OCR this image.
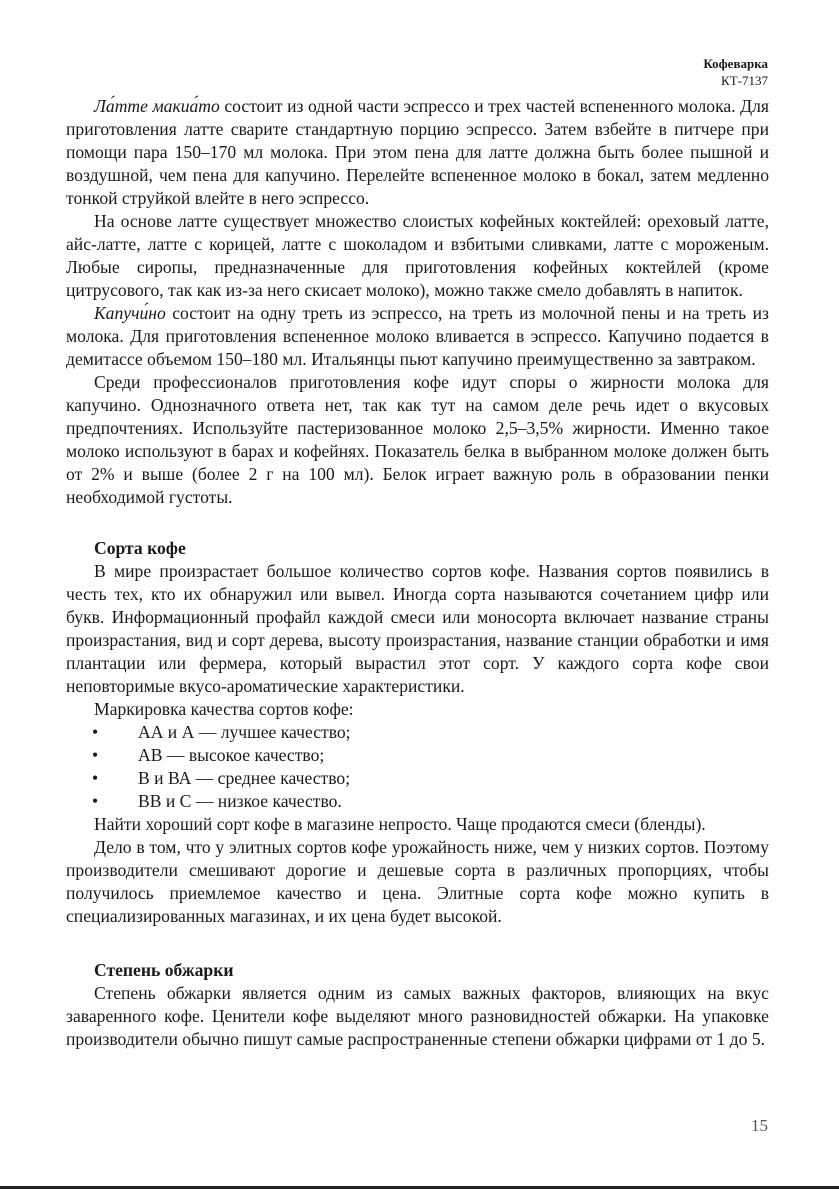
Кофеварка
КТ-7137

Ла́тте макиа́то состоит из одной части эспрессо и трех частей вспененного молока. Для приготовления латте сварите стандартную порцию эспрессо. Затем взбейте в питчере при помощи пара 150–170 мл молока. При этом пена для латте должна быть более пышной и воздушной, чем пена для капучино. Перелейте вспененное молоко в бокал, затем медленно тонкой струйкой влейте в него эспрессо.

На основе латте существует множество слоистых кофейных коктейлей: ореховый латте, айс-латте, латте с корицей, латте с шоколадом и взбитыми сливками, латте с мороженым. Любые сиропы, предназначенные для приготовления кофейных коктейлей (кроме цитрусового, так как из-за него скисает молоко), можно также смело добавлять в напиток.

Капучи́но состоит на одну треть из эспрессо, на треть из молочной пены и на треть из молока. Для приготовления вспененное молоко вливается в эспрессо. Капучино подается в демитассе объемом 150–180 мл. Итальянцы пьют капучино преимущественно за завтраком.

Среди профессионалов приготовления кофе идут споры о жирности молока для капучино. Однозначного ответа нет, так как тут на самом деле речь идет о вкусовых предпочтениях. Используйте пастеризованное молоко 2,5–3,5% жирности. Именно такое молоко используют в барах и кофейнях. Показатель белка в выбранном молоке должен быть от 2% и выше (более 2 г на 100 мл). Белок играет важную роль в образовании пенки необходимой густоты.

Сорта кофе

В мире произрастает большое количество сортов кофе. Названия сортов появились в честь тех, кто их обнаружил или вывел. Иногда сорта называются сочетанием цифр или букв. Информационный профайл каждой смеси или моносорта включает название страны произрастания, вид и сорт дерева, высоту произрастания, название станции обработки и имя плантации или фермера, который вырастил этот сорт. У каждого сорта кофе свои неповторимые вкусо-ароматические характеристики.

Маркировка качества сортов кофе:

• АА и А — лучшее качество;
• АВ — высокое качество;
• В и ВА — среднее качество;
• ВВ и С — низкое качество.

Найти хороший сорт кофе в магазине непросто. Чаще продаются смеси (бленды).

Дело в том, что у элитных сортов кофе урожайность ниже, чем у низких сортов. Поэтому производители смешивают дорогие и дешевые сорта в различных пропорциях, чтобы получилось приемлемое качество и цена. Элитные сорта кофе можно купить в специализированных магазинах, и их цена будет высокой.

Степень обжарки

Степень обжарки является одним из самых важных факторов, влияющих на вкус заваренного кофе. Ценители кофе выделяют много разновидностей обжарки. На упаковке производители обычно пишут самые распространенные степени обжарки цифрами от 1 до 5.

15
